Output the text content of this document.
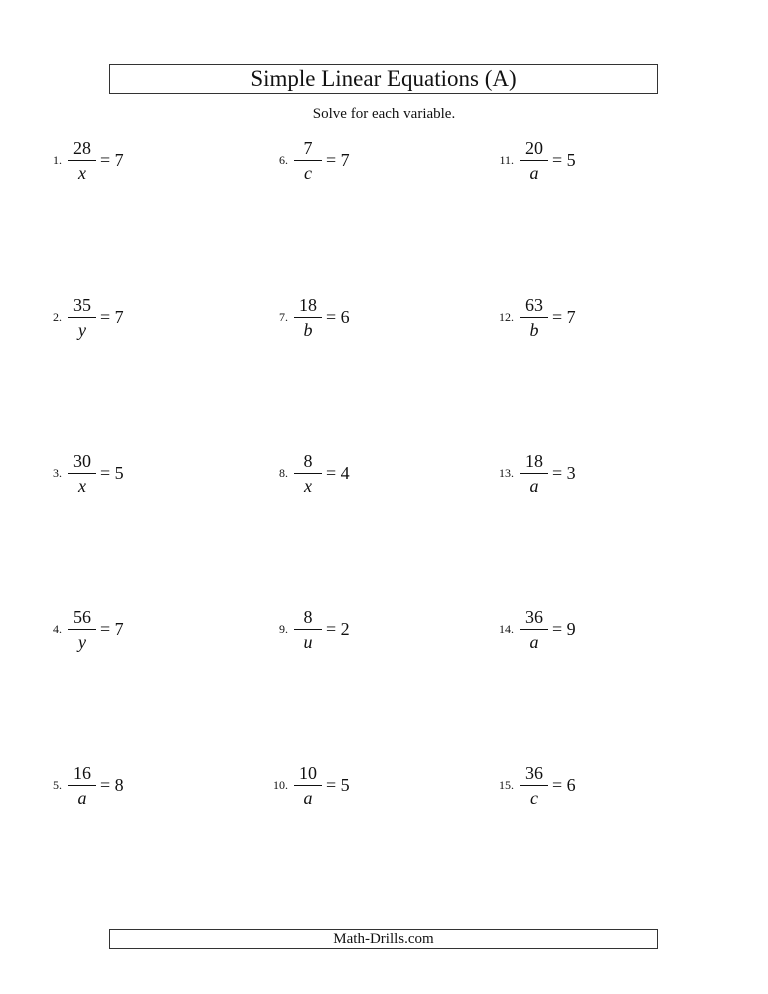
Simple Linear Equations (A)
Solve for each variable.
1. $\frac{28}{x} = 7$
2. $\frac{35}{y} = 7$
3. $\frac{30}{x} = 5$
4. $\frac{56}{y} = 7$
5. $\frac{16}{a} = 8$
6. $\frac{7}{c} = 7$
7. $\frac{18}{b} = 6$
8. $\frac{8}{x} = 4$
9. $\frac{8}{u} = 2$
10. $\frac{10}{a} = 5$
11. $\frac{20}{a} = 5$
12. $\frac{63}{b} = 7$
13. $\frac{18}{a} = 3$
14. $\frac{36}{a} = 9$
15. $\frac{36}{c} = 6$
Math-Drills.com
